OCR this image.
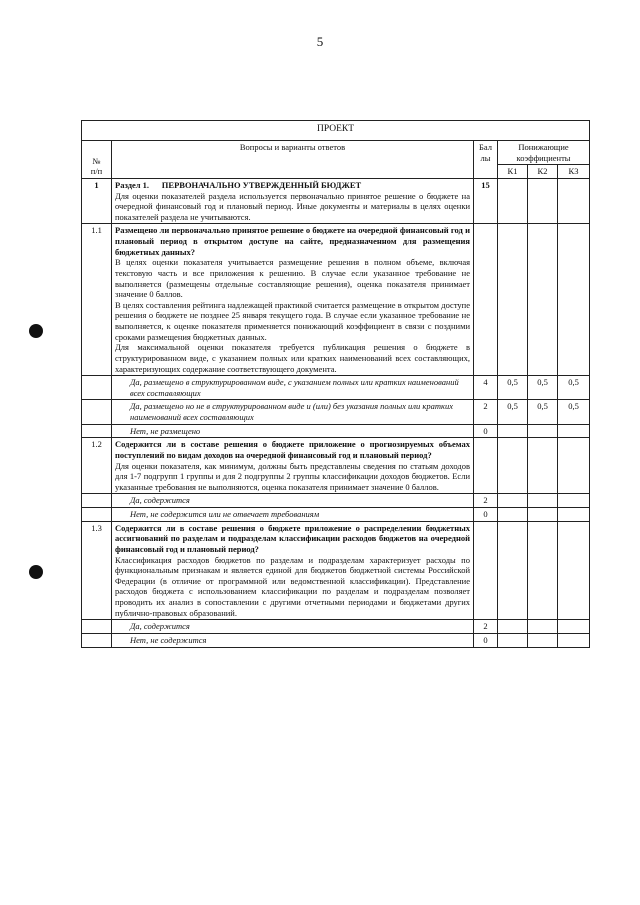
5
ПРОЕКТ					
№
п/п	Вопросы и варианты ответов	Бал
лы	Понижающие
коэффициенты		
			К1	К2	К3
1	Раздел 1.      ПЕРВОНАЧАЛЬНО УТВЕРЖДЕННЫЙ БЮДЖЕТ

Для оценки показателей раздела используется первоначально принятое решение о бюджете на очередной финансовый год и плановый период. Иные документы и материалы в целях оценки показателей раздела не учитываются.	15			
1.1	Размещено ли первоначально принятое решение о бюджете на очередной финансовый год и плановый период в открытом доступе на сайте, предназначенном для размещения бюджетных данных?

В целях оценки показателя учитывается размещение решения в полном объеме, включая текстовую часть и все приложения к решению. В случае если указанное требование не выполняется (размещены отдельные составляющие решения), оценка показателя принимает значение 0 баллов.

В целях составления рейтинга надлежащей практикой считается размещение в открытом доступе решения о бюджете не позднее 25 января текущего года. В случае если указанное требование не выполняется, к оценке показателя применяется понижающий коэффициент в связи с поздними сроками размещения бюджетных данных.

Для максимальной оценки показателя требуется публикация решения о бюджете в структурированном виде, с указанием полных или кратких наименований всех составляющих, характеризующих содержание соответствующего документа.				

	Да, размещено в структурированном виде, с указанием полных или кратких наименований всех составляющих	4	0,5	0,5	0,5
	Да, размещено но не в структурированном виде и (или) без указания полных или кратких наименований всех составляющих	2	0,5	0,5	0,5
	Нет, не размещено	0			
1.2	Содержится ли в составе решения о бюджете приложение о прогнозируемых объемах поступлений по видам доходов на очередной финансовый год и плановый период?

Для оценки показателя, как минимум, должны быть представлены сведения по статьям доходов для 1-7 подгрупп 1 группы и для 2 подгруппы 2 группы классификации доходов бюджетов. Если указанные требования не выполняются, оценка показателя принимает значение 0 баллов.				

	Да, содержится	2			
	Нет, не содержится или не отвечает требованиям	0			
1.3	Содержится ли в составе решения о бюджете приложение о распределении бюджетных ассигнований по разделам и подразделам классификации расходов бюджетов на очередной финансовый год и плановый период?

Классификация расходов бюджетов по разделам и подразделам характеризует расходы по функциональным признакам и является единой для бюджетов бюджетной системы Российской Федерации (в отличие от программной или ведомственной классификации). Представление расходов бюджета с использованием классификации по разделам и подразделам позволяет проводить их анализ в сопоставлении с другими отчетными периодами и бюджетами других публично-правовых образований.				

	Да, содержится	2			
	Нет, не содержится	0			
